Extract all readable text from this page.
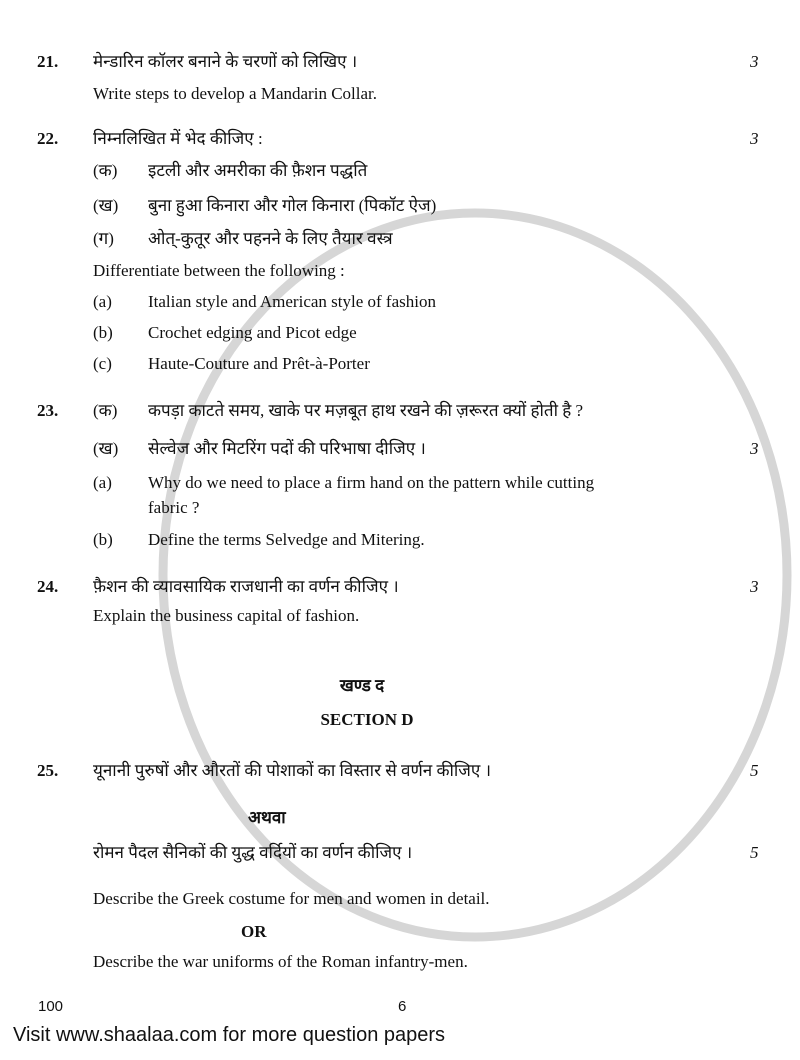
21. मेन्डारिन कॉलर बनाने के चरणों को लिखिए ।	3
Write steps to develop a Mandarin Collar.
22. निम्नलिखित में भेद कीजिए :	3
(क) इटली और अमरीका की फ़ैशन पद्धति
(ख) बुना हुआ किनारा और गोल किनारा (पिकॉट ऐज)
(ग) ओत्-कुतूर और पहनने के लिए तैयार वस्त्र
Differentiate between the following :
(a) Italian style and American style of fashion
(b) Crochet edging and Picot edge
(c) Haute-Couture and Prêt-à-Porter
23. (क) कपड़ा काटते समय, खाके पर मज़बूत हाथ रखने की ज़रूरत क्यों होती है ?
(ख) सेल्वेज और मिटरिंग पदों की परिभाषा दीजिए ।	3
(a) Why do we need to place a firm hand on the pattern while cutting
fabric ?
(b) Define the terms Selvedge and Mitering.
24. फ़ैशन की व्यावसायिक राजधानी का वर्णन कीजिए ।	3
Explain the business capital of fashion.
खण्ड द
SECTION D
25. यूनानी पुरुषों और औरतों की पोशाकों का विस्तार से वर्णन कीजिए ।	5
अथवा
रोमन पैदल सैनिकों की युद्ध वर्दियों का वर्णन कीजिए ।	5
Describe the Greek costume for men and women in detail.
OR
Describe the war uniforms of the Roman infantry-men.
100	6
Visit www.shaalaa.com for more question papers
